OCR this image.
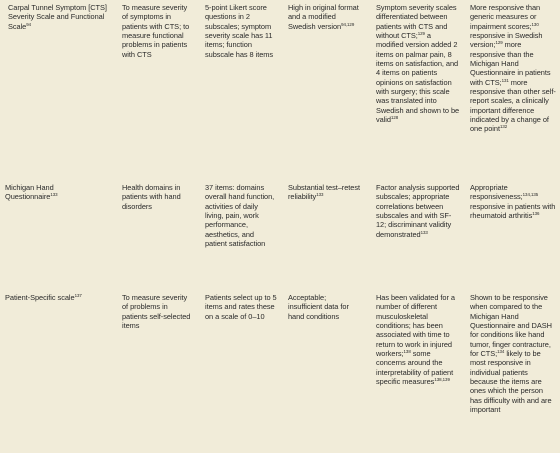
Carpal Tunnel Symptom [CTS] Severity Scale and Functional Scale$^{94}$
To measure severity of symptoms in patients with CTS; to measure functional problems in patients with CTS
5-point Likert score questions in 2 subscales; symptom severity scale has 11 items; function subscale has 8 items
High in original format and a modified Swedish version$^{94,129}$
Symptom severity scales differentiated between patients with CTS and without CTS;$^{129}$ a modified version added 2 items on palmar pain, 8 items on satisfaction, and 4 items on patients opinions on satisfaction with surgery; this scale was translated into Swedish and shown to be valid$^{128}$
More responsive than generic measures or impairment scores;$^{130}$ responsive in Swedish version;$^{129}$ more responsive than the Michigan Hand Questionnaire in patients with CTS;$^{131}$ more responsive than other self-report scales, a clinically important difference indicated by a change of one point$^{132}$
Michigan Hand Questionnaire$^{133}$
Health domains in patients with hand disorders
37 items: domains overall hand function, activities of daily living, pain, work performance, aesthetics, and patient satisfaction
Substantial test–retest reliability$^{133}$
Factor analysis supported subscales; appropriate correlations between subscales and with SF-12; discriminant validity demonstrated$^{133}$
Appropriate responsiveness;$^{134,135}$ responsive in patients with rheumatoid arthritis$^{136}$
Patient-Specific scale$^{137}$	To measure severity of problems in patients self-selected items
Patients select up to 5 items and rates these on a scale of 0–10
Acceptable; insufficient data for hand conditions
Has been validated for a number of different musculoskeletal conditions; has been associated with time to return to work in injured workers;$^{138}$ some concerns around the interpretability of patient specific measures$^{138,139}$
Shown to be responsive when compared to the Michigan Hand Questionnaire and DASH for conditions like hand tumor, finger contracture, for CTS;$^{134}$ likely to be most responsive in individual patients because the items are ones which the person has difficulty with and are important
